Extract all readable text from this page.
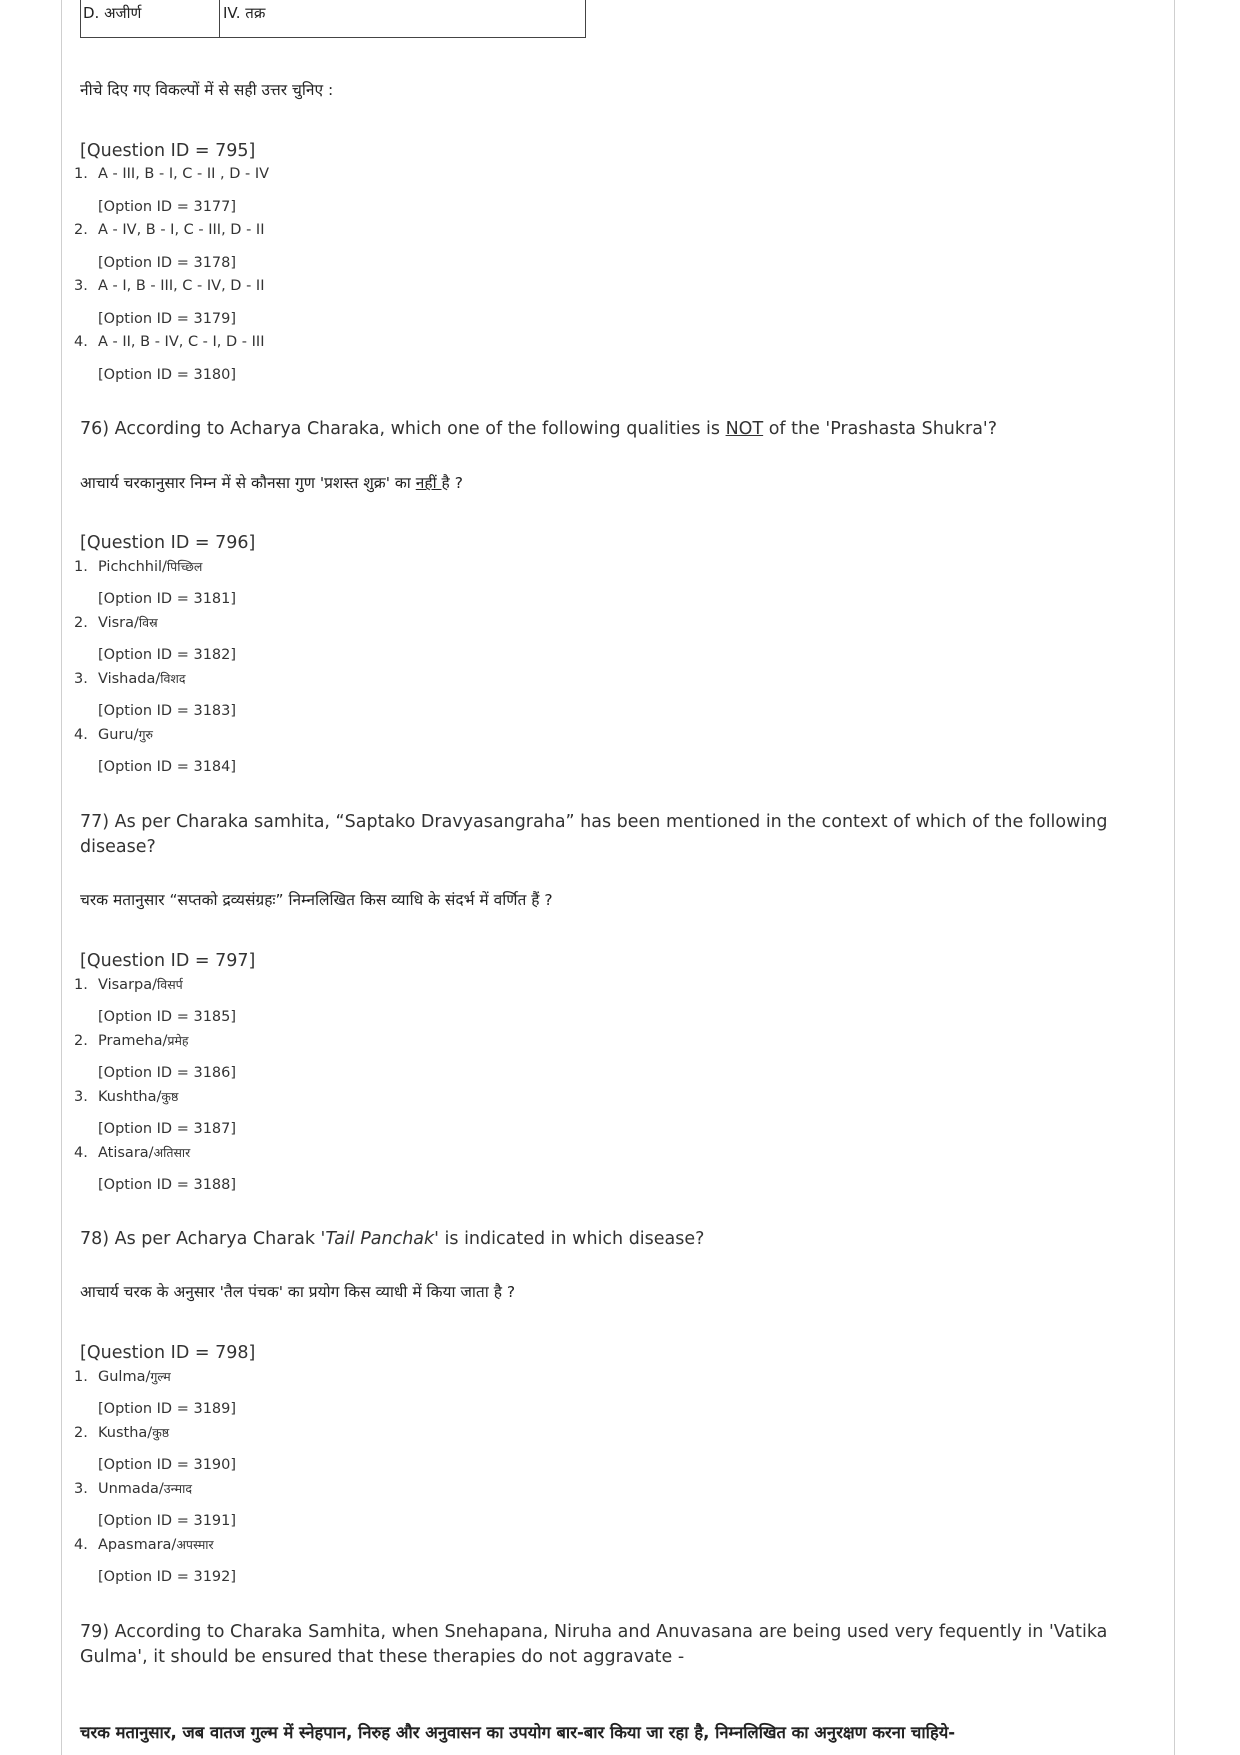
D. अजीर्ण	IV. तक्र
नीचे दिए गए विकल्पों में से सही उत्तर चुनिए :
[Question ID = 795]
1. A - III, B - I, C - II , D - IV
[Option ID = 3177]
2. A - IV, B - I, C - III, D - II
[Option ID = 3178]
3. A - I, B - III, C - IV, D - II
[Option ID = 3179]
4. A - II, B - IV, C - I, D - III
[Option ID = 3180]
76) According to Acharya Charaka, which one of the following qualities is NOT of the 'Prashasta Shukra'?
आचार्य चरकानुसार निम्न में से कौनसा गुण 'प्रशस्त शुक्र' का नहीं है ?
[Question ID = 796]
1. Pichchhil/पिच्छिल
[Option ID = 3181]
2. Visra/विस्र
[Option ID = 3182]
3. Vishada/विशद
[Option ID = 3183]
4. Guru/गुरु
[Option ID = 3184]
77) As per Charaka samhita, “Saptako Dravyasangraha” has been mentioned in the context of which of the following disease?
चरक मतानुसार “सप्तको द्रव्यसंग्रहः” निम्नलिखित किस व्याधि के संदर्भ में वर्णित हैं ?
[Question ID = 797]
1. Visarpa/विसर्प
[Option ID = 3185]
2. Prameha/प्रमेह
[Option ID = 3186]
3. Kushtha/कुष्ठ
[Option ID = 3187]
4. Atisara/अतिसार
[Option ID = 3188]
78) As per Acharya Charak 'Tail Panchak' is indicated in which disease?
आचार्य चरक के अनुसार 'तैल पंचक' का प्रयोग किस व्याधी में किया जाता है ?
[Question ID = 798]
1. Gulma/गुल्म
[Option ID = 3189]
2. Kustha/कुष्ठ
[Option ID = 3190]
3. Unmada/उन्माद
[Option ID = 3191]
4. Apasmara/अपस्मार
[Option ID = 3192]
79) According to Charaka Samhita, when Snehapana, Niruha and Anuvasana are being used very fequently in 'Vatika Gulma', it should be ensured that these therapies do not aggravate -
चरक मतानुसार, जब वातज गुल्म में स्नेहपान, निरुह और अनुवासन का उपयोग बार-बार किया जा रहा है, निम्नलिखित का अनुरक्षण करना चाहिये-
